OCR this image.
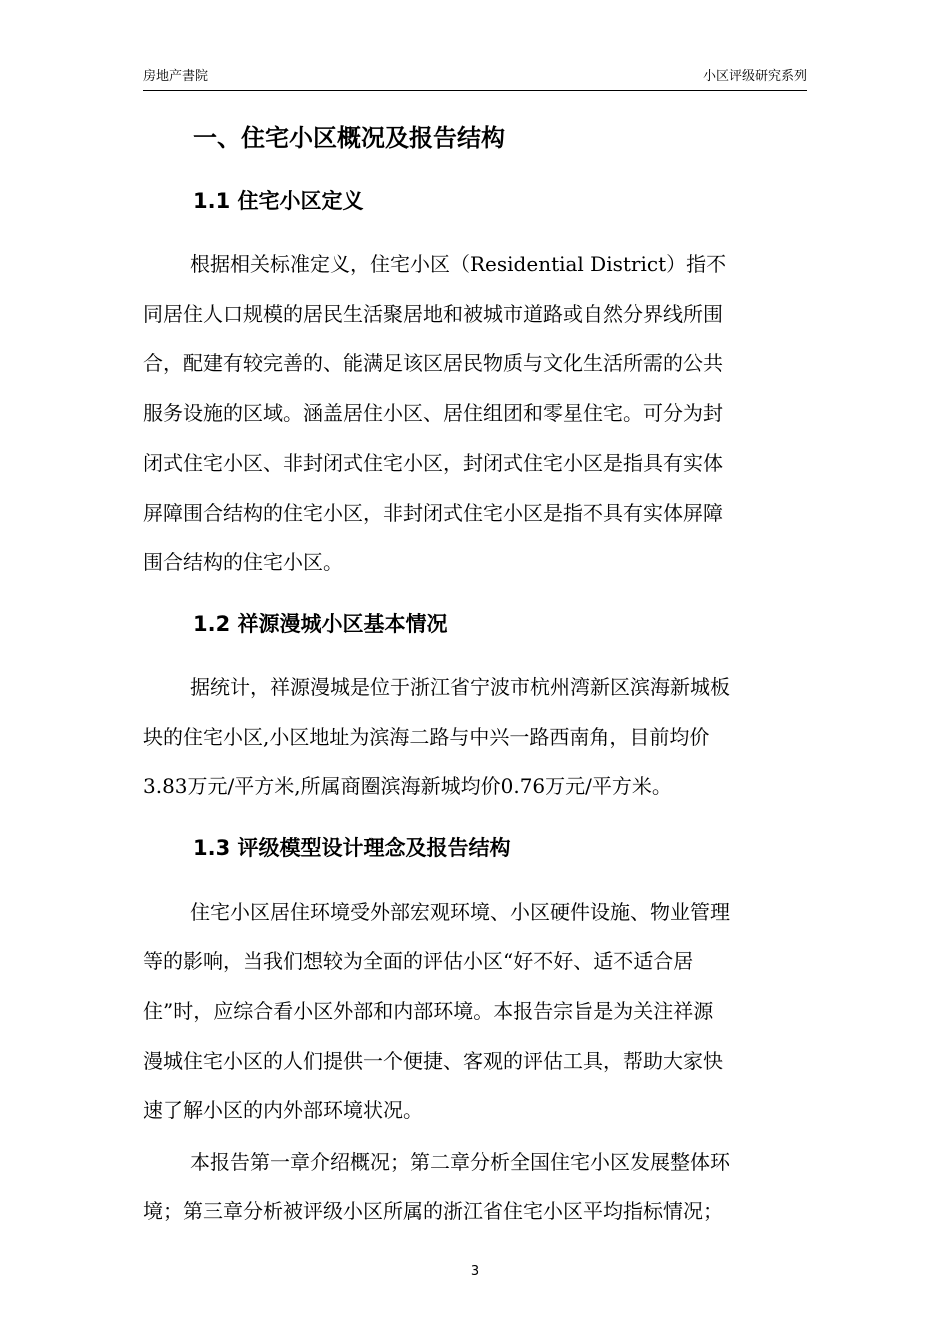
房地产書院	小区评级研究系列
一、住宅小区概况及报告结构
1.1 住宅小区定义
根据相关标准定义，住宅小区（Residential District）指不
同居住人口规模的居民生活聚居地和被城市道路或自然分界线所围
合，配建有较完善的、能满足该区居民物质与文化生活所需的公共
服务设施的区域。涵盖居住小区、居住组团和零星住宅。可分为封
闭式住宅小区、非封闭式住宅小区，封闭式住宅小区是指具有实体
屏障围合结构的住宅小区，非封闭式住宅小区是指不具有实体屏障
围合结构的住宅小区。
1.2 祥源漫城小区基本情况
据统计，祥源漫城是位于浙江省宁波市杭州湾新区滨海新城板
块的住宅小区,小区地址为滨海二路与中兴一路西南角，目前均价
3.83万元/平方米,所属商圈滨海新城均价0.76万元/平方米。
1.3 评级模型设计理念及报告结构
住宅小区居住环境受外部宏观环境、小区硬件设施、物业管理
等的影响，当我们想较为全面的评估小区“好不好、适不适合居
住”时，应综合看小区外部和内部环境。本报告宗旨是为关注祥源
漫城住宅小区的人们提供一个便捷、客观的评估工具，帮助大家快
速了解小区的内外部环境状况。
本报告第一章介绍概况；第二章分析全国住宅小区发展整体环
境；第三章分析被评级小区所属的浙江省住宅小区平均指标情况；
3
